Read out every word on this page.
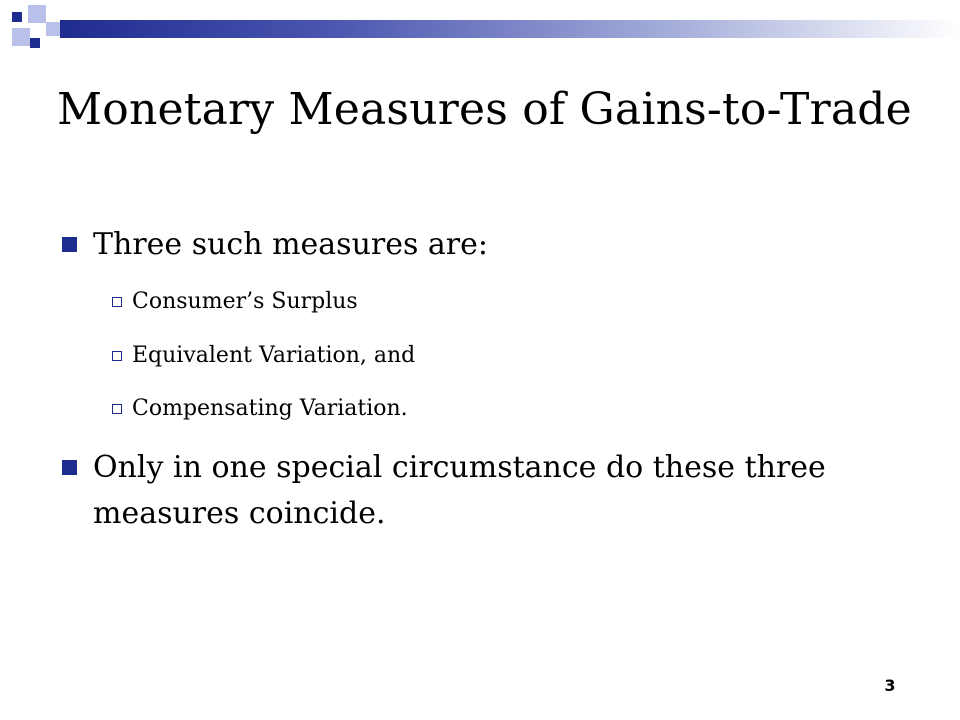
Monetary Measures of Gains-to-Trade
Three such measures are:
Consumer’s Surplus
Equivalent Variation, and
Compensating Variation.
Only in one special circumstance do these three
measures coincide.
3
